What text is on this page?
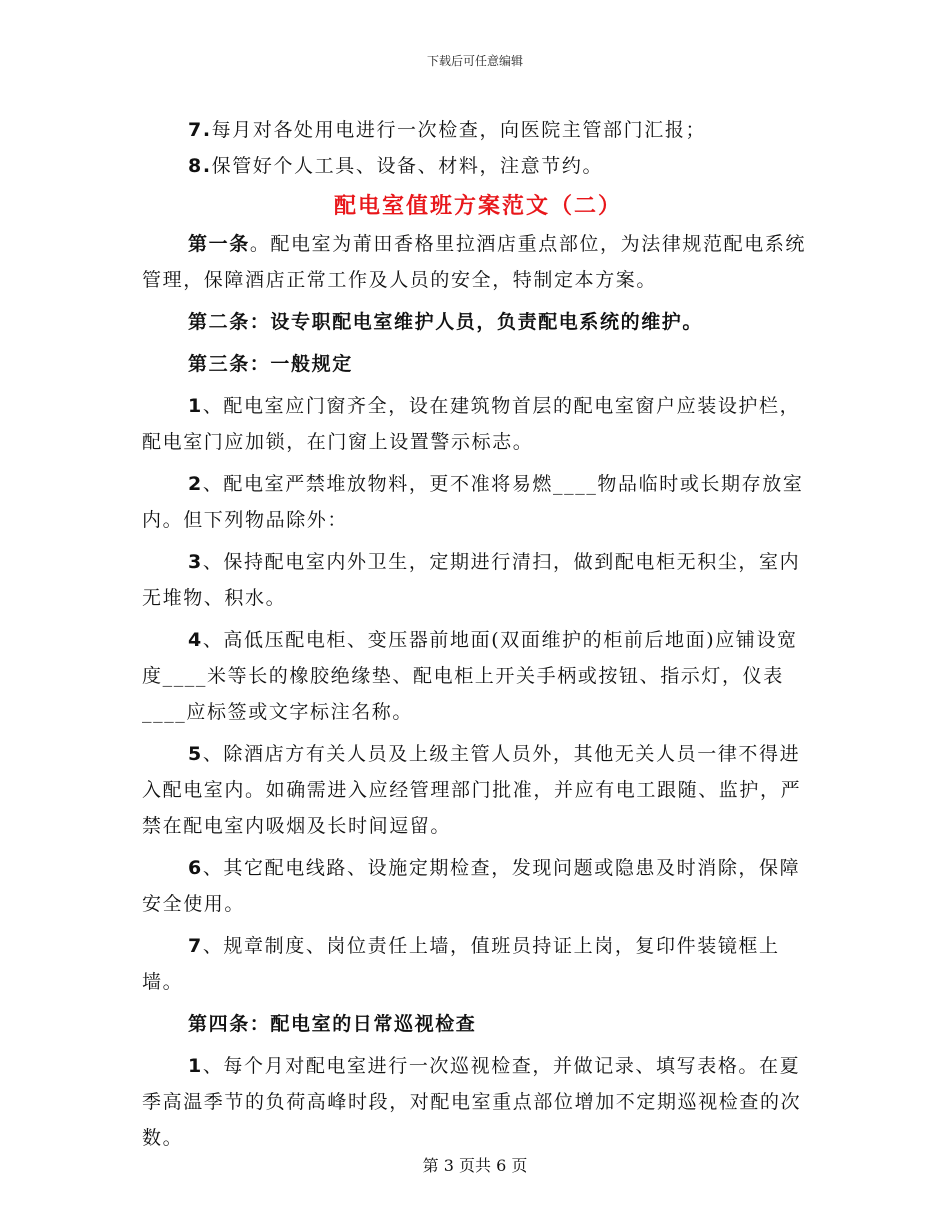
下载后可任意编辑

7.每月对各处用电进行一次检查，向医院主管部门汇报；

8.保管好个人工具、设备、材料，注意节约。

配电室值班方案范文（二）

第一条。配电室为莆田香格里拉酒店重点部位，为法律规范配电系统管理，保障酒店正常工作及人员的安全，特制定本方案。

第二条：设专职配电室维护人员，负责配电系统的维护。

第三条：一般规定

1、配电室应门窗齐全，设在建筑物首层的配电室窗户应装设护栏，配电室门应加锁，在门窗上设置警示标志。

2、配电室严禁堆放物料，更不准将易燃____物品临时或长期存放室内。但下列物品除外：

3、保持配电室内外卫生，定期进行清扫，做到配电柜无积尘，室内无堆物、积水。

4、高低压配电柜、变压器前地面(双面维护的柜前后地面)应铺设宽度____米等长的橡胶绝缘垫、配电柜上开关手柄或按钮、指示灯，仪表____应标签或文字标注名称。

5、除酒店方有关人员及上级主管人员外，其他无关人员一律不得进入配电室内。如确需进入应经管理部门批准，并应有电工跟随、监护，严禁在配电室内吸烟及长时间逗留。

6、其它配电线路、设施定期检查，发现问题或隐患及时消除，保障安全使用。

7、规章制度、岗位责任上墙，值班员持证上岗，复印件装镜框上墙。

第四条：配电室的日常巡视检查

1、每个月对配电室进行一次巡视检查，并做记录、填写表格。在夏季高温季节的负荷高峰时段，对配电室重点部位增加不定期巡视检查的次数。

第 3 页共 6 页
